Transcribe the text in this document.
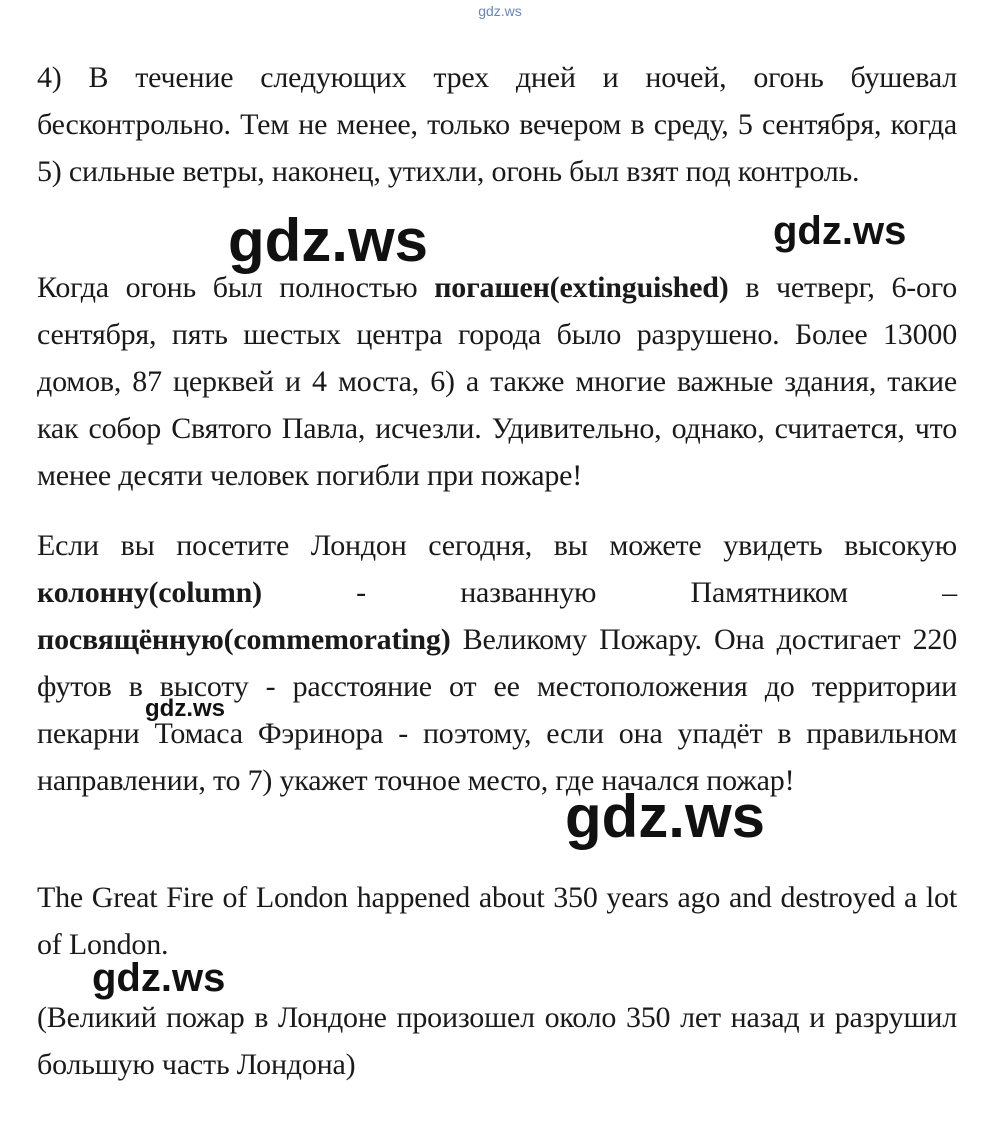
gdz.ws

4) В течение следующих трех дней и ночей, огонь бушевал бесконтрольно. Тем не менее, только вечером в среду, 5 сентября, когда 5) сильные ветры, наконец, утихли, огонь был взят под контроль.

Когда огонь был полностью погашен(extinguished) в четверг, 6-ого сентября, пять шестых центра города было разрушено. Более 13000 домов, 87 церквей и 4 моста, 6) а также многие важные здания, такие как собор Святого Павла, исчезли. Удивительно, однако, считается, что менее десяти человек погибли при пожаре!

Если вы посетите Лондон сегодня, вы можете увидеть высокую колонну(column) - названную Памятником – посвящённую(commemorating) Великому Пожару. Она достигает 220 футов в высоту - расстояние от ее местоположения до территории пекарни Томаса Фэринора - поэтому, если она упадёт в правильном направлении, то 7) укажет точное место, где начался пожар!

The Great Fire of London happened about 350 years ago and destroyed a lot of London.

(Великий пожар в Лондоне произошел около 350 лет назад и разрушил большую часть Лондона)

gdz.ws	gdz.ws
gdz.ws
gdz.ws
gdz.ws
